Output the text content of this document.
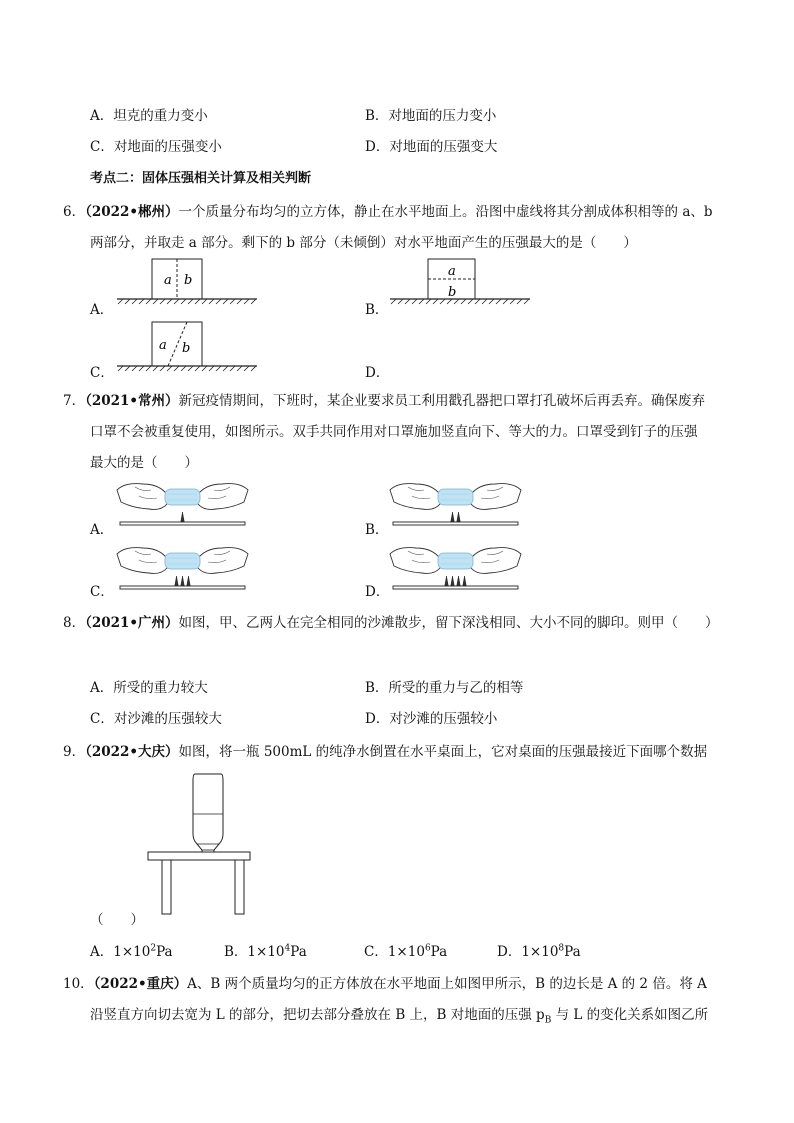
A．坦克的重力变小	B．对地面的压力变小
C．对地面的压强变小	D．对地面的压强变大
考点二：固体压强相关计算及相关判断
6．（2022•郴州）一个质量分布均匀的立方体，静止在水平地面上。沿图中虚线将其分割成体积相等的 a、b
两部分，并取走 a 部分。剩下的 b 部分（未倾倒）对水平地面产生的压强最大的是（　　）
A．	B．
C．	D．
a b
a
b
a b
7．（2021•常州）新冠疫情期间，下班时，某企业要求员工利用戳孔器把口罩打孔破坏后再丢弃。确保废弃
口罩不会被重复使用，如图所示。双手共同作用对口罩施加竖直向下、等大的力。口罩受到钉子的压强
最大的是（　　）
A．	B．
C．	D．
8．（2021•广州）如图，甲、乙两人在完全相同的沙滩散步，留下深浅相同、大小不同的脚印。则甲（　　）
A．所受的重力较大	B．所受的重力与乙的相等
C．对沙滩的压强较大	D．对沙滩的压强较小
9．（2022•大庆）如图，将一瓶 500mL 的纯净水倒置在水平桌面上，它对桌面的压强最接近下面哪个数据
（　　）
A．$1\times 10^2Pa$	B．$1\times 10^4Pa$	C．$1\times 10^6Pa$	D．$1\times 10^8Pa$
10．（2022•重庆）A、B 两个质量均匀的正方体放在水平地面上如图甲所示，B 的边长是 A 的 2 倍。将 A
沿竖直方向切去宽为 L 的部分，把切去部分叠放在 B 上，B 对地面的压强 $p_B$ 与 L 的变化关系如图乙所
